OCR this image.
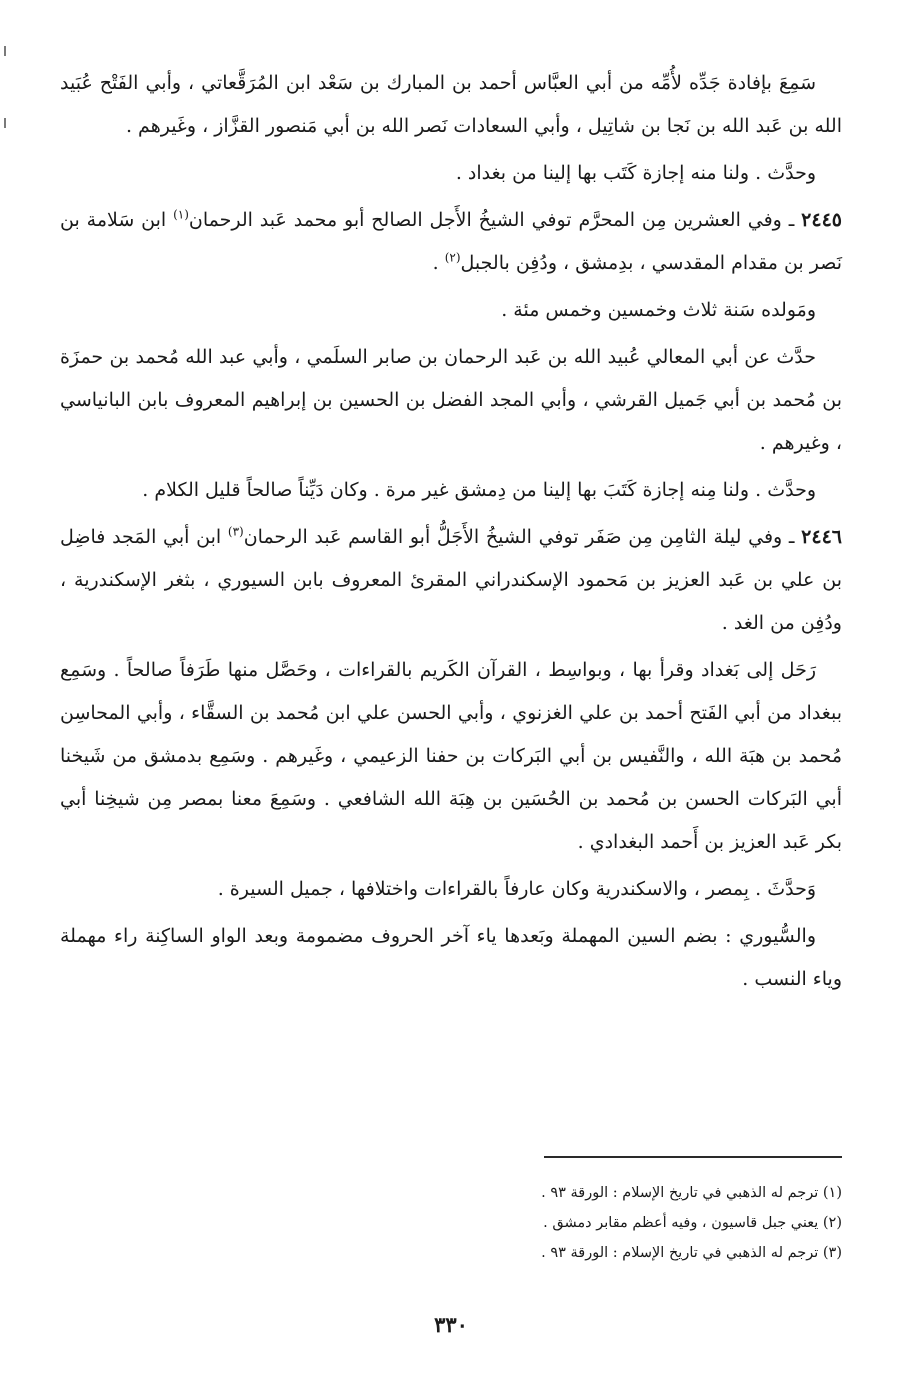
سَمِعَ بإفادة جَدِّه لأُمِّه من أبي العبَّاس أحمد بن المبارك بن سَعْد ابن المُرَقَّعاتي ، وأبي الفَتْح عُبَيد الله بن عَبد الله بن نَجا بن شاتِيل ، وأبي السعادات نَصر الله بن أبي مَنصور القزَّاز ، وغَيرهم .

وحدَّث . ولنا منه إجازة كَتَب بها إلينا من بغداد .

٢٤٤٥ ـ وفي العشرين مِن المحرَّم توفي الشيخُ الأَجل الصالح أبو محمد عَبد الرحمان$^{(١)}$ ابن سَلامة بن نَصر بن مقدام المقدسي ، بدِمشق ، ودُفِن بالجبل$^{(٢)}$ .

ومَولده سَنة ثلاث وخمسين وخمس مئة .

حدَّث عن أبي المعالي عُبيد الله بن عَبد الرحمان بن صابر السلَمي ، وأبي عبد الله مُحمد بن حمزَة بن مُحمد بن أبي جَميل القرشي ، وأبي المجد الفضل بن الحسين بن إبراهيم المعروف بابن البانياسي ، وغيرهم .

وحدَّث . ولنا مِنه إجازة كَتَبَ بها إلينا من دِمشق غير مرة . وكان دَيِّناً صالحاً قليل الكلام .

٢٤٤٦ ـ وفي ليلة الثامِن مِن صَفَر توفي الشيخُ الأَجَلُّ أبو القاسم عَبد الرحمان$^{(٣)}$ ابن أبي المَجد فاضِل بن علي بن عَبد العزيز بن مَحمود الإسكندراني المقرئ المعروف بابن السيوري ، بثغر الإسكندرية ، ودُفِن من الغد .

رَحَل إلى بَغداد وقرأ بها ، وبواسِط ، القرآن الكَريم بالقراءات ، وحَصَّل منها طَرَفاً صالحاً . وسَمِع ببغداد من أبي الفَتح أحمد بن علي الغزنوي ، وأبي الحسن علي ابن مُحمد بن السقَّاء ، وأبي المحاسِن مُحمد بن هبَة الله ، والنَّفيس بن أبي البَركات بن حفنا الزعيمي ، وغَيرهم . وسَمِع بدمشق من شَيخنا أبي البَركات الحسن بن مُحمد بن الحُسَين بن هِبَة الله الشافعي . وسَمِعَ معنا بمصر مِن شيخِنا أبي بكر عَبد العزيز بن أَحمد البغدادي .

وَحدَّثَ . بِمصر ، والاسكندرية وكان عارفاً بالقراءات واختلافها ، جميل السيرة .

والسُّيوري : بضم السين المهملة وبَعدها ياء آخر الحروف مضمومة وبعد الواو الساكِنة راء مهملة وياء النسب .

(١) ترجم له الذهبي في تاريخ الإسلام : الورقة ٩٣ .

(٢) يعني جبل قاسيون ، وفيه أعظم مقابر دمشق .

(٣) ترجم له الذهبي في تاريخ الإسلام : الورقة ٩٣ .

٣٣٠
